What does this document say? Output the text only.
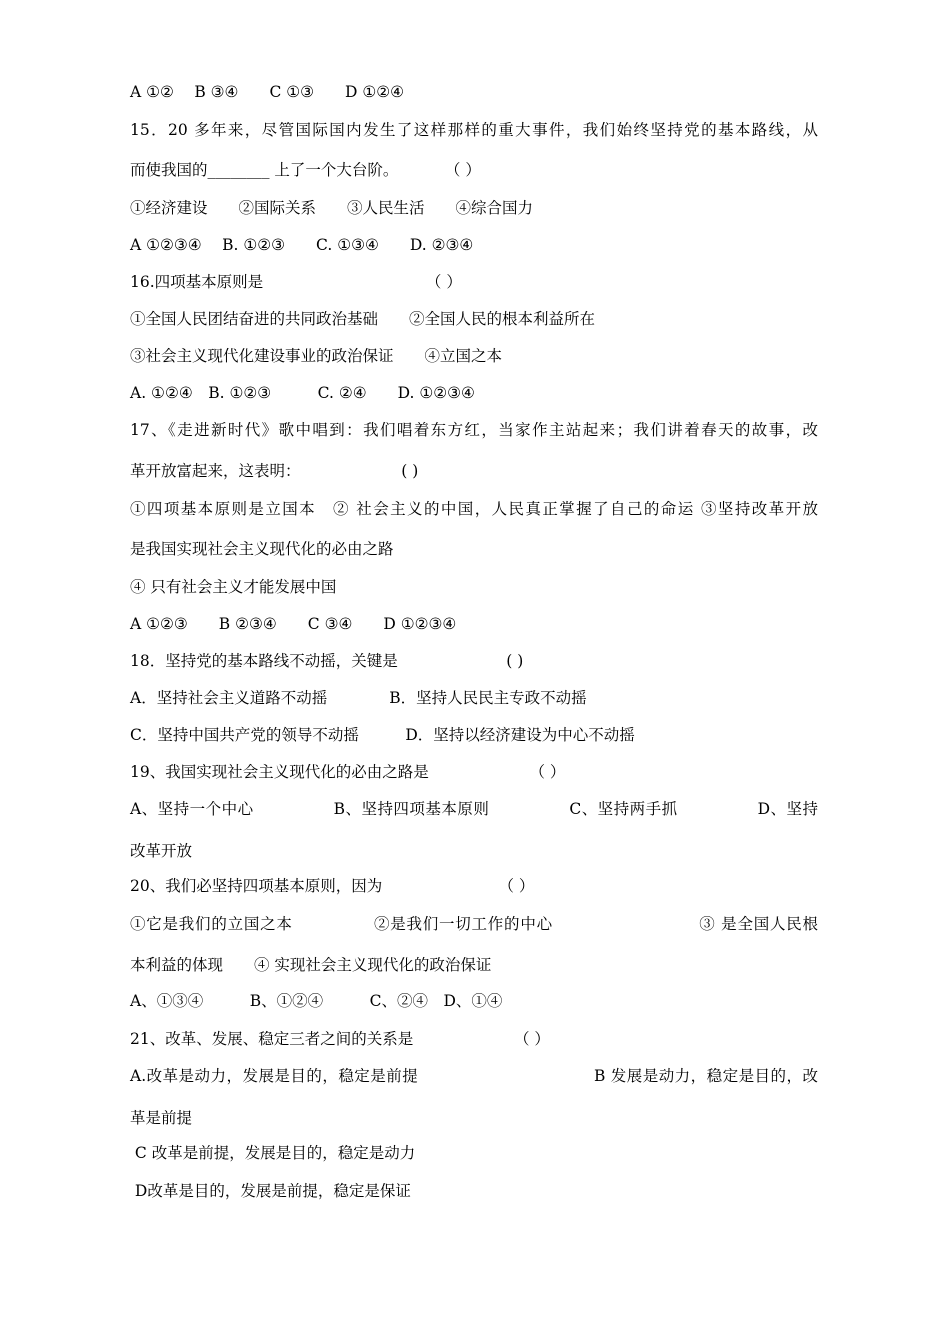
A ①②　 B ③④　　C ①③　　D ①②④
15．20 多年来，尽管国际国内发生了这样那样的重大事件，我们始终坚持党的基本路线，从
而使我国的________ 上了一个大台阶。　　　　（ ）
①经济建设　　②国际关系　　③人民生活　　④综合国力
A ①②③④　 B. ①②③　　C. ①③④　　D. ②③④
16.四项基本原则是　　　　　　　　　　　（ ）
①全国人民团结奋进的共同政治基础　　②全国人民的根本利益所在
③社会主义现代化建设事业的政治保证　　④立国之本
A. ①②④　B. ①②③　　　C. ②④　　D. ①②③④
17、《走进新时代》歌中唱到：我们唱着东方红，当家作主站起来；我们讲着春天的故事，改
革开放富起来，这表明：　　　　　　　( )
①四项基本原则是立国本　② 社会主义的中国，人民真正掌握了自己的命运 ③坚持改革开放
是我国实现社会主义现代化的必由之路
④ 只有社会主义才能发展中国
A ①②③　　B ②③④　　C ③④　　D ①②③④
18．坚持党的基本路线不动摇，关键是　　　　　　　( )
A．坚持社会主义道路不动摇　　　　B．坚持人民民主专政不动摇
C．坚持中国共产党的领导不动摇　　　D．坚持以经济建设为中心不动摇
19、我国实现社会主义现代化的必由之路是　　　　　　　（ ）
A、坚持一个中心　　　　　B、坚持四项基本原则　　　　　C、坚持两手抓　　　　　D、坚持
改革开放
20、我们必坚持四项基本原则，因为　　　　　　　　（ ）
①它是我们的立国之本　　　　　②是我们一切工作的中心　　　　　　　　　③ 是全国人民根
本利益的体现　　④ 实现社会主义现代化的政治保证
A、①③④　　　B、①②④　　　C、②④　D、①④
21、改革、发展、稳定三者之间的关系是　　　　　　　（ ）
A.改革是动力，发展是目的，稳定是前提　　　　　　　　　　　B 发展是动力，稳定是目的，改
革是前提
C 改革是前提，发展是目的，稳定是动力
D改革是目的，发展是前提，稳定是保证
